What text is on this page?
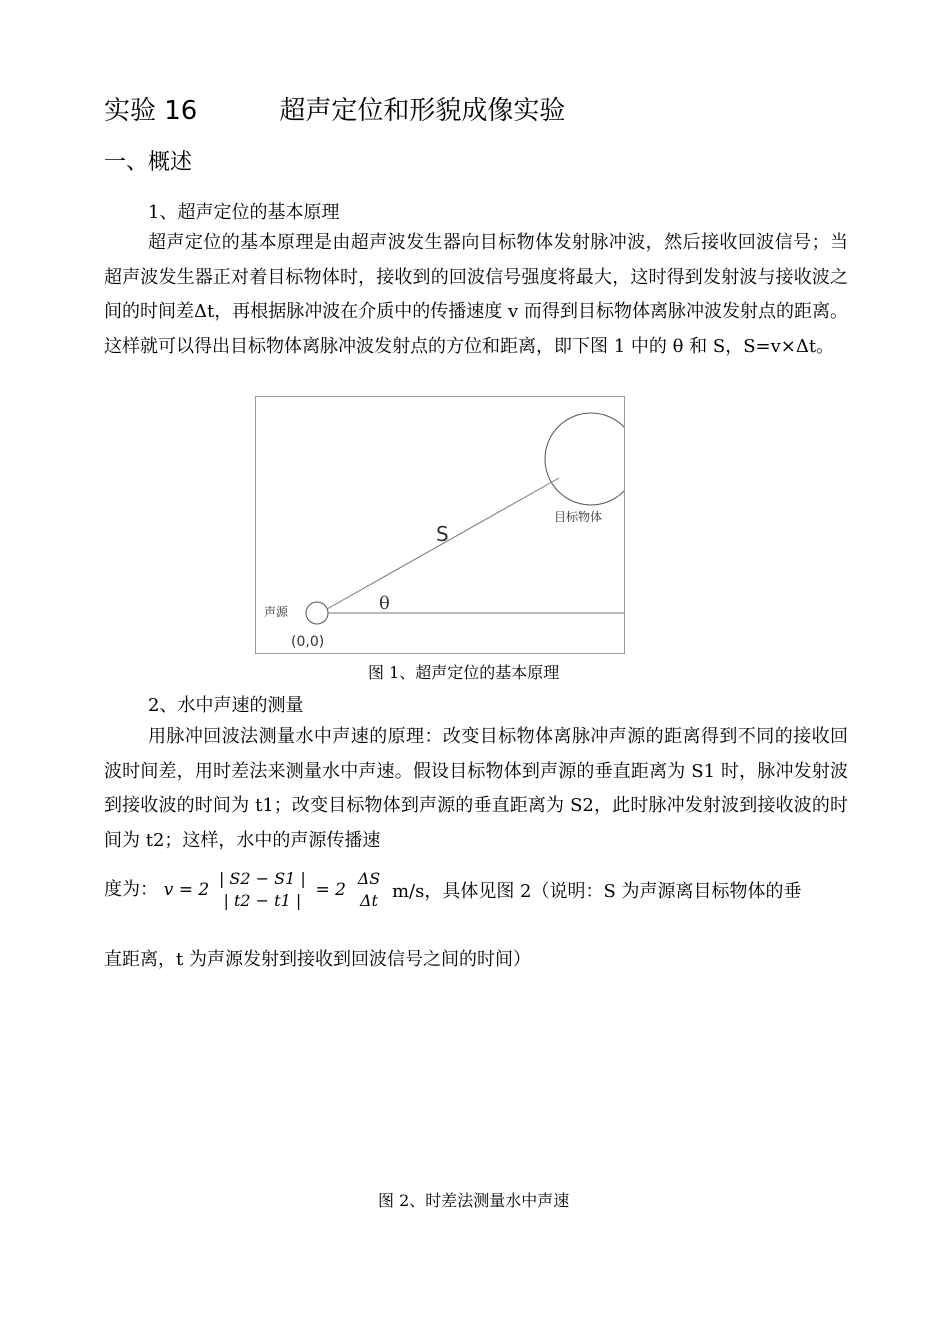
实验 16	超声定位和形貌成像实验
一、概述
1、超声定位的基本原理
超声定位的基本原理是由超声波发生器向目标物体发射脉冲波，然后接收回波信号；当超声波发生器正对着目标物体时，接收到的回波信号强度将最大，这时得到发射波与接收波之间的时间差Δt，再根据脉冲波在介质中的传播速度 v 而得到目标物体离脉冲波发射点的距离。这样就可以得出目标物体离脉冲波发射点的方位和距离，即下图 1 中的 θ 和 S，S=v×Δt。
S
θ
目标物体
声源
(0,0)
图 1、超声定位的基本原理
2、水中声速的测量
用脉冲回波法测量水中声速的原理：改变目标物体离脉冲声源的距离得到不同的接收回波时间差，用时差法来测量水中声速。假设目标物体到声源的垂直距离为 S1 时，脉冲发射波到接收波的时间为 t1；改变目标物体到声源的垂直距离为 S2，此时脉冲发射波到接收波的时间为 t2；这样，水中的声源传播速
度为： v = 2
| S2 − S1 |
| t2 − t1 |
= 2
ΔS
Δt m/s，具体见图 2（说明：S 为声源离目标物体的垂
直距离，t 为声源发射到接收到回波信号之间的时间）
图 2、时差法测量水中声速
